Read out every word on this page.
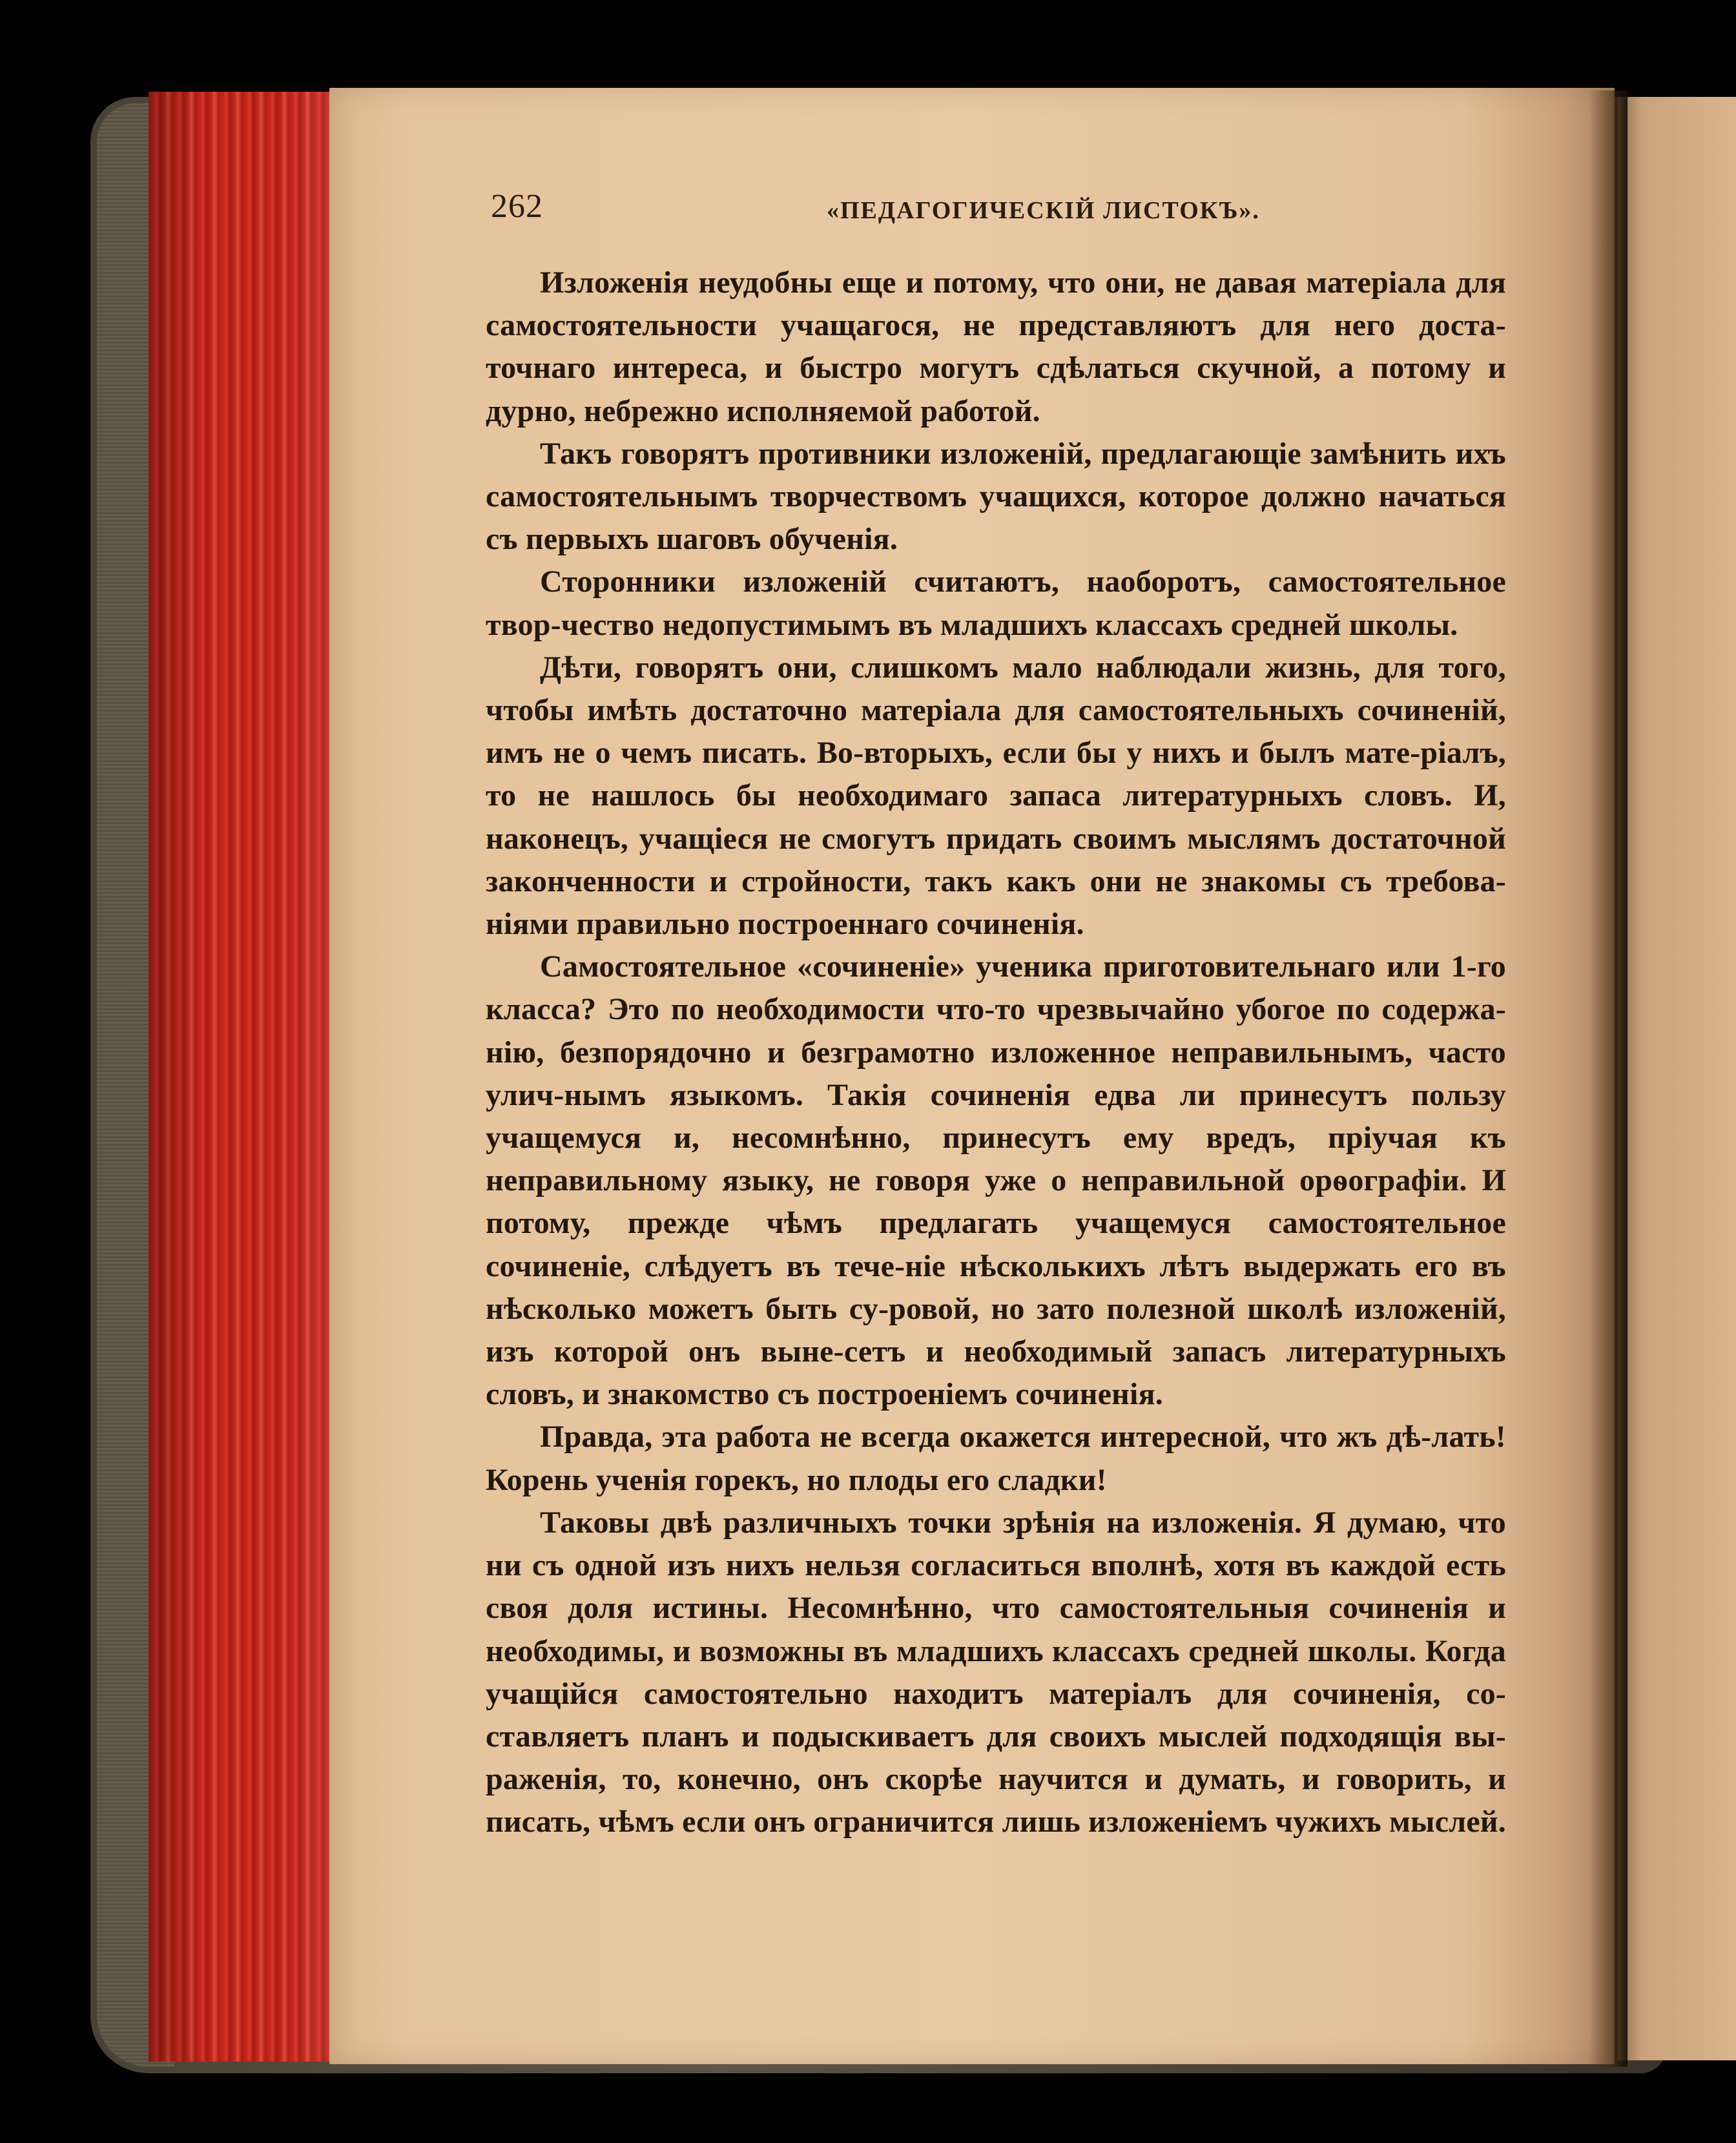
262	«ПЕДАГОГИЧЕСКІЙ ЛИСТОКЪ».

Изложенія неудобны еще и потому, что они, не давая матеріала для самостоятельности учащагося, не представляютъ для него доста-точнаго интереса, и быстро могутъ сдѣлаться скучной, а потому и дурно, небрежно исполняемой работой.

Такъ говорятъ противники изложеній, предлагающіе замѣнить ихъ самостоятельнымъ творчествомъ учащихся, которое должно начаться съ первыхъ шаговъ обученія.

Сторонники изложеній считаютъ, наоборотъ, самостоятельное твор-чество недопустимымъ въ младшихъ классахъ средней школы.

Дѣти, говорятъ они, слишкомъ мало наблюдали жизнь, для того, чтобы имѣть достаточно матеріала для самостоятельныхъ сочиненій, имъ не о чемъ писать. Во-вторыхъ, если бы у нихъ и былъ мате-ріалъ, то не нашлось бы необходимаго запаса литературныхъ словъ. И, наконецъ, учащіеся не смогутъ придать своимъ мыслямъ достаточной законченности и стройности, такъ какъ они не знакомы съ требова-ніями правильно построеннаго сочиненія.

Самостоятельное «сочиненіе» ученика приготовительнаго или 1-го класса? Это по необходимости что-то чрезвычайно убогое по содержа-нію, безпорядочно и безграмотно изложенное неправильнымъ, часто улич-нымъ языкомъ. Такія сочиненія едва ли принесутъ пользу учащемуся и, несомнѣнно, принесутъ ему вредъ, пріучая къ неправильному языку, не говоря уже о неправильной орѳографіи. И потому, прежде чѣмъ предлагать учащемуся самостоятельное сочиненіе, слѣдуетъ въ тече-ніе нѣсколькихъ лѣтъ выдержать его въ нѣсколько можетъ быть су-ровой, но зато полезной школѣ изложеній, изъ которой онъ выне-сетъ и необходимый запасъ литературныхъ словъ, и знакомство съ построеніемъ сочиненія.

Правда, эта работа не всегда окажется интересной, что жъ дѣ-лать! Корень ученія горекъ, но плоды его сладки!

Таковы двѣ различныхъ точки зрѣнія на изложенія. Я думаю, что ни съ одной изъ нихъ нельзя согласиться вполнѣ, хотя въ каждой есть своя доля истины. Несомнѣнно, что самостоятельныя сочиненія и необходимы, и возможны въ младшихъ классахъ средней школы. Когда учащійся самостоятельно находитъ матеріалъ для сочиненія, со-ставляетъ планъ и подыскиваетъ для своихъ мыслей подходящія вы-раженія, то, конечно, онъ скорѣе научится и думать, и говорить, и писать, чѣмъ если онъ ограничится лишь изложеніемъ чужихъ мыслей.
